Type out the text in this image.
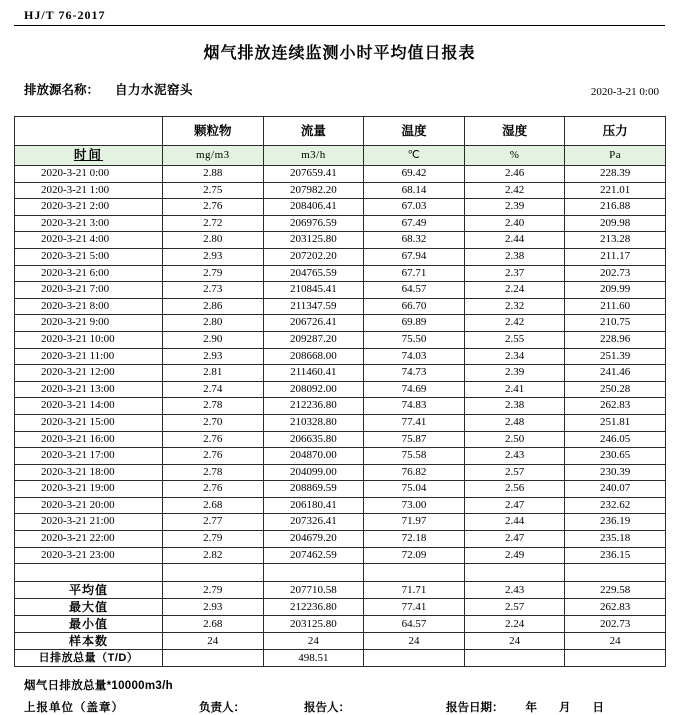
HJ/T 76-2017
烟气排放连续监测小时平均值日报表
排放源名称： 自力水泥窑头	2020-3-21 0:00
	颗粒物	流量	温度	湿度	压力
时间	mg/m3	m3/h	℃	%	Pa
2020-3-21 0:00	2.88	207659.41	69.42	2.46	228.39
2020-3-21 1:00	2.75	207982.20	68.14	2.42	221.01
2020-3-21 2:00	2.76	208406.41	67.03	2.39	216.88
2020-3-21 3:00	2.72	206976.59	67.49	2.40	209.98
2020-3-21 4:00	2.80	203125.80	68.32	2.44	213.28
2020-3-21 5:00	2.93	207202.20	67.94	2.38	211.17
2020-3-21 6:00	2.79	204765.59	67.71	2.37	202.73
2020-3-21 7:00	2.73	210845.41	64.57	2.24	209.99
2020-3-21 8:00	2.86	211347.59	66.70	2.32	211.60
2020-3-21 9:00	2.80	206726.41	69.89	2.42	210.75
2020-3-21 10:00	2.90	209287.20	75.50	2.55	228.96
2020-3-21 11:00	2.93	208668.00	74.03	2.34	251.39
2020-3-21 12:00	2.81	211460.41	74.73	2.39	241.46
2020-3-21 13:00	2.74	208092.00	74.69	2.41	250.28
2020-3-21 14:00	2.78	212236.80	74.83	2.38	262.83
2020-3-21 15:00	2.70	210328.80	77.41	2.48	251.81
2020-3-21 16:00	2.76	206635.80	75.87	2.50	246.05
2020-3-21 17:00	2.76	204870.00	75.58	2.43	230.65
2020-3-21 18:00	2.78	204099.00	76.82	2.57	230.39
2020-3-21 19:00	2.76	208869.59	75.04	2.56	240.07
2020-3-21 20:00	2.68	206180.41	73.00	2.47	232.62
2020-3-21 21:00	2.77	207326.41	71.97	2.44	236.19
2020-3-21 22:00	2.79	204679.20	72.18	2.47	235.18
2020-3-21 23:00	2.82	207462.59	72.09	2.49	236.15

平均值	2.79	207710.58	71.71	2.43	229.58
最大值	2.93	212236.80	77.41	2.57	262.83
最小值	2.68	203125.80	64.57	2.24	202.73
样本数	24	24	24	24	24
日排放总量（T/D）		498.51			
烟气日排放总量*10000m3/h
上报单位（盖章）	负责人：	报告人：	报告日期： 年 月 日
